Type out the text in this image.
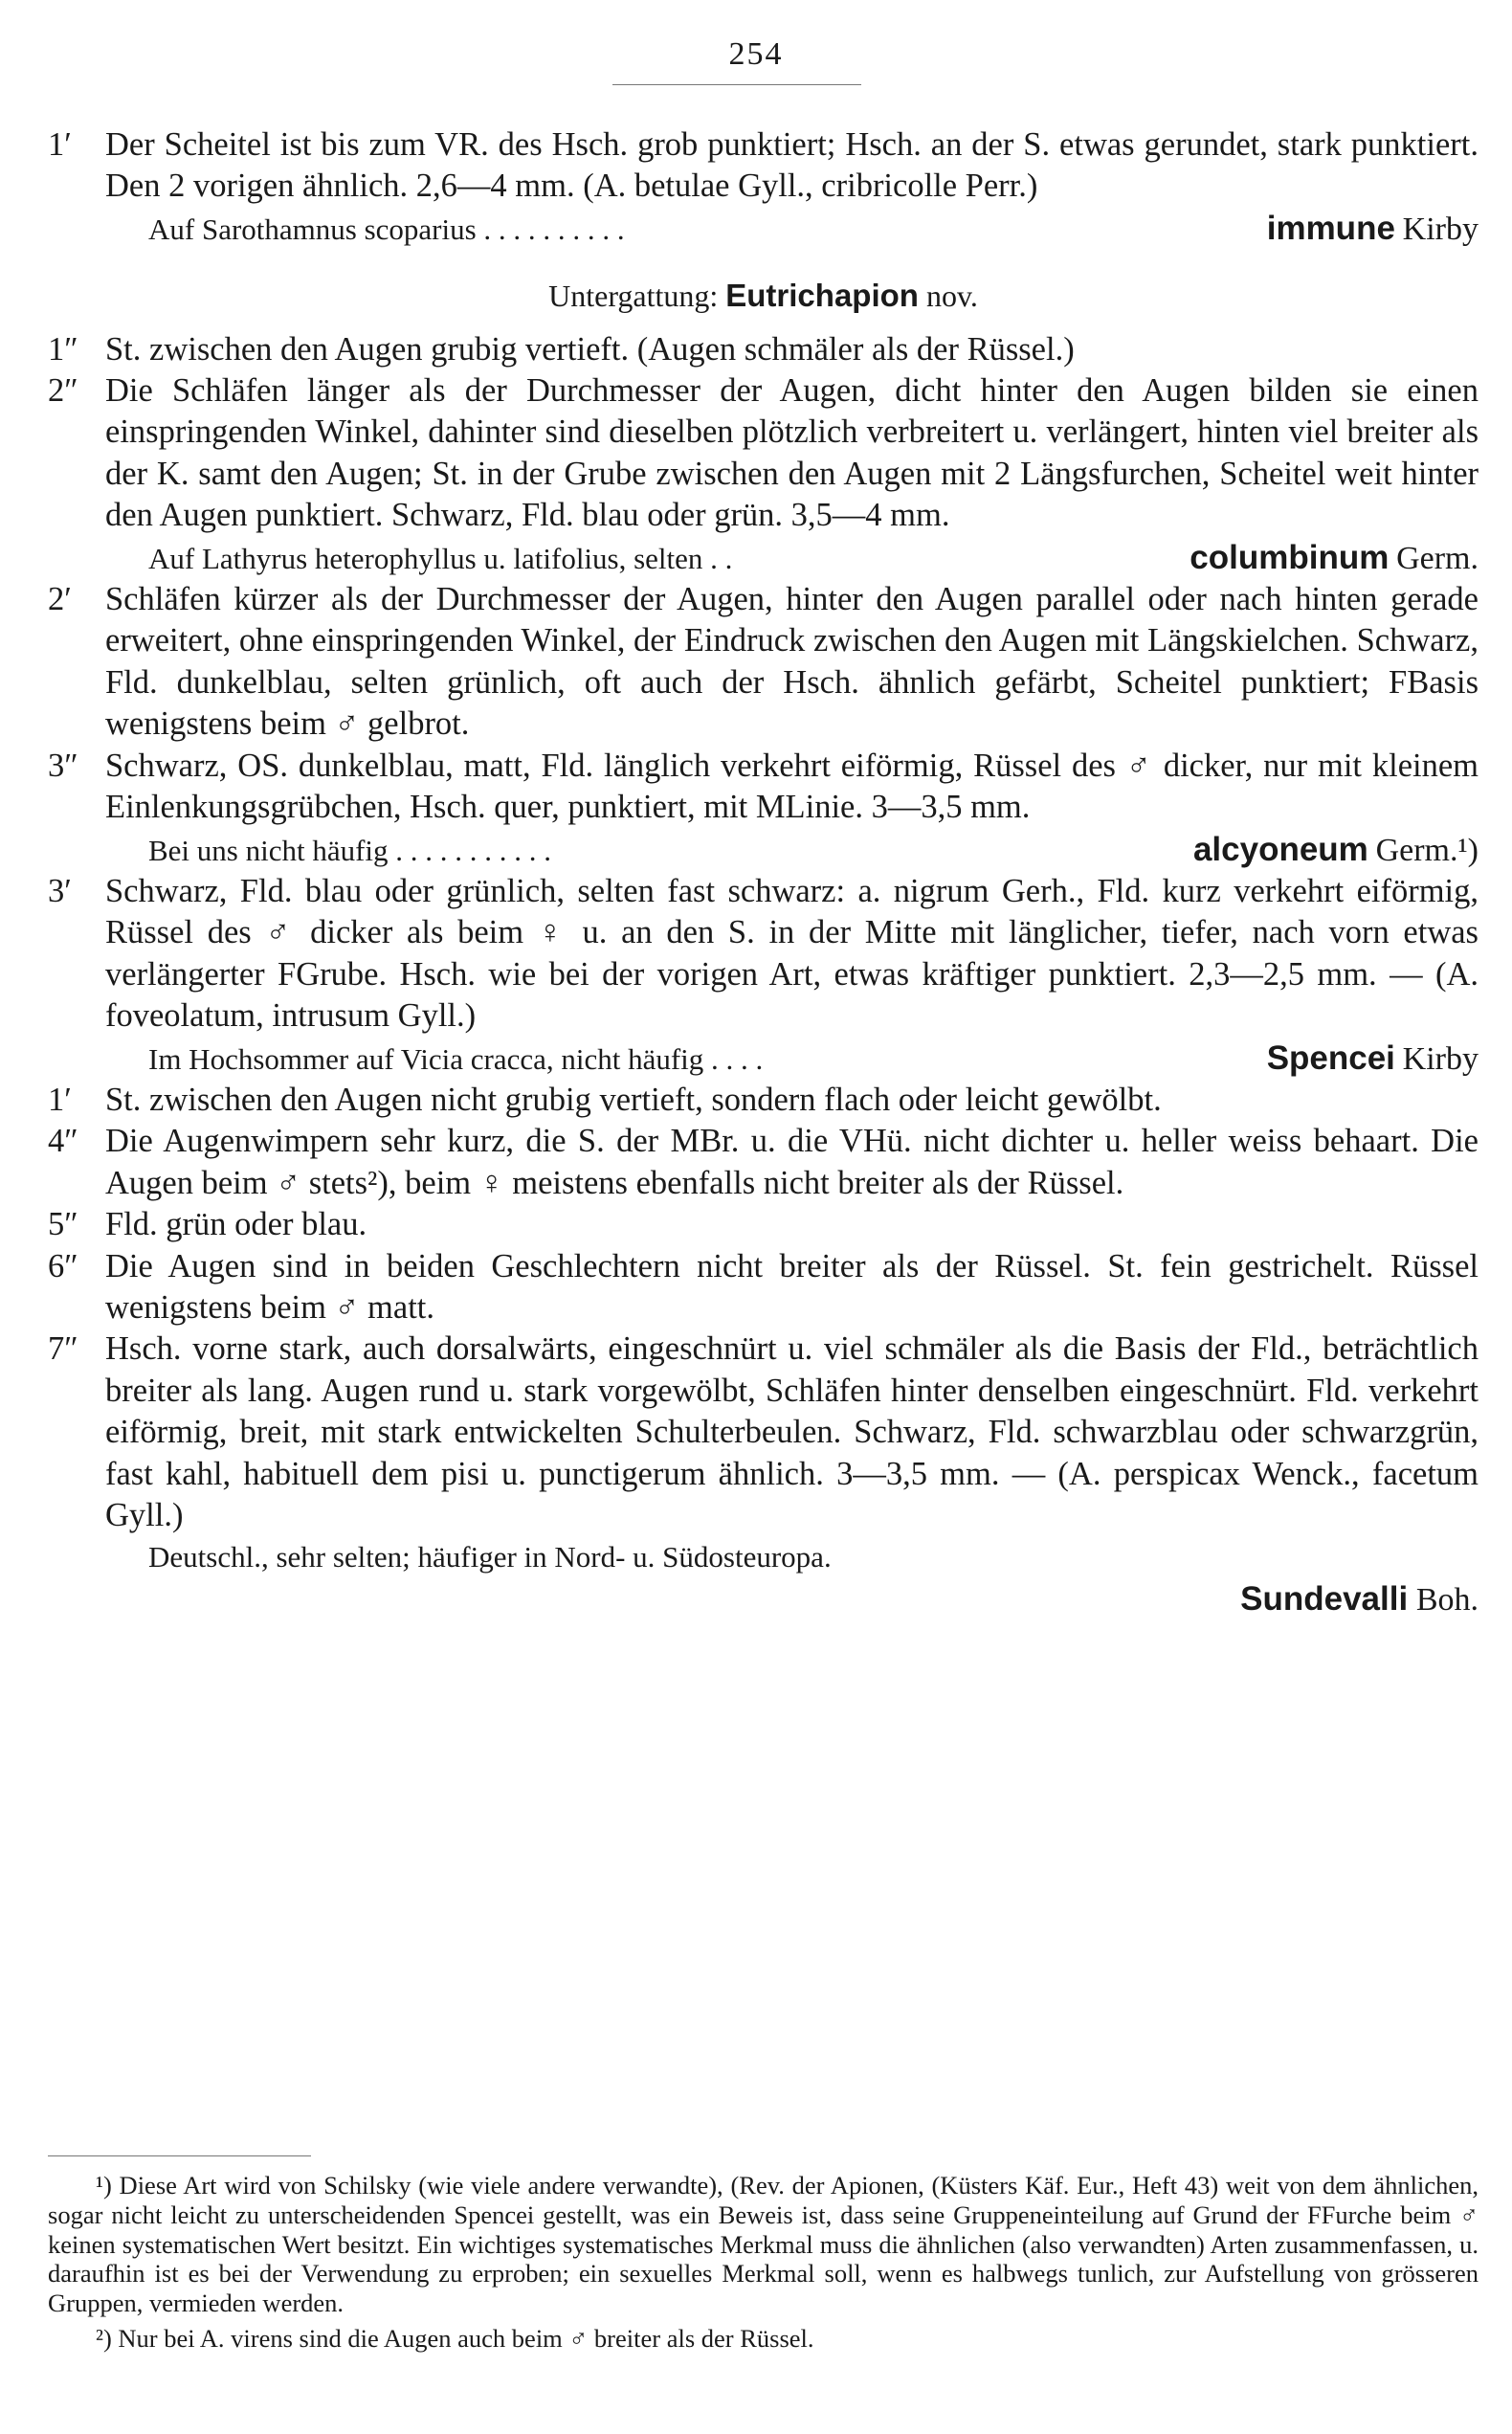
254
1′	Der Scheitel ist bis zum VR. des Hsch. grob punktiert; Hsch. an der S. etwas gerundet, stark punktiert. Den 2 vorigen ähnlich. 2,6—4 mm. (A. betulae Gyll., cribricolle Perr.)
Auf Sarothamnus scoparius . . . . . . . . . .	immune Kirby
Untergattung: Eutrichapion nov.
1″ St. zwischen den Augen grubig vertieft. (Augen schmäler als der Rüssel.)
2″ Die Schläfen länger als der Durchmesser der Augen, dicht hinter den Augen bilden sie einen einspringenden Winkel, dahinter sind dieselben plötzlich verbreitert u. verlängert, hinten viel breiter als der K. samt den Augen; St. in der Grube zwischen den Augen mit 2 Längsfurchen, Scheitel weit hinter den Augen punktiert. Schwarz, Fld. blau oder grün. 3,5—4 mm.
Auf Lathyrus heterophyllus u. latifolius, selten . .	columbinum Germ.
2′	Schläfen kürzer als der Durchmesser der Augen, hinter den Augen parallel oder nach hinten gerade erweitert, ohne einspringenden Winkel, der Eindruck zwischen den Augen mit Längskielchen. Schwarz, Fld. dunkelblau, selten grünlich, oft auch der Hsch. ähnlich gefärbt, Scheitel punktiert; FBasis wenigstens beim ♂ gelbrot.
3″ Schwarz, OS. dunkelblau, matt, Fld. länglich verkehrt eiförmig, Rüssel des ♂ dicker, nur mit kleinem Einlenkungsgrübchen, Hsch. quer, punktiert, mit MLinie. 3—3,5 mm.
Bei uns nicht häufig . . . . . . . . . . .	alcyoneum Germ.¹)
3′	Schwarz, Fld. blau oder grünlich, selten fast schwarz: a. nigrum Gerh., Fld. kurz verkehrt eiförmig, Rüssel des ♂ dicker als beim ♀ u. an den S. in der Mitte mit länglicher, tiefer, nach vorn etwas verlängerter FGrube. Hsch. wie bei der vorigen Art, etwas kräftiger punktiert. 2,3—2,5 mm. — (A. foveolatum, intrusum Gyll.)
Im Hochsommer auf Vicia cracca, nicht häufig . . . .	Spencei Kirby
1′	St. zwischen den Augen nicht grubig vertieft, sondern flach oder leicht gewölbt.
4″ Die Augenwimpern sehr kurz, die S. der MBr. u. die VHü. nicht dichter u. heller weiss behaart. Die Augen beim ♂ stets²), beim ♀ meistens ebenfalls nicht breiter als der Rüssel.
5″ Fld. grün oder blau.
6″ Die Augen sind in beiden Geschlechtern nicht breiter als der Rüssel. St. fein gestrichelt. Rüssel wenigstens beim ♂ matt.
7″ Hsch. vorne stark, auch dorsalwärts, eingeschnürt u. viel schmäler als die Basis der Fld., beträchtlich breiter als lang. Augen rund u. stark vorgewölbt, Schläfen hinter denselben eingeschnürt. Fld. verkehrt eiförmig, breit, mit stark entwickelten Schulterbeulen. Schwarz, Fld. schwarzblau oder schwarzgrün, fast kahl, habituell dem pisi u. punctigerum ähnlich. 3—3,5 mm. — (A. perspicax Wenck., facetum Gyll.)
Deutschl., sehr selten; häufiger in Nord- u. Südosteuropa.
Sundevalli Boh.

¹) Diese Art wird von Schilsky (wie viele andere verwandte), (Rev. der Apionen, (Küsters Käf. Eur., Heft 43) weit von dem ähnlichen, sogar nicht leicht zu unterscheidenden Spencei gestellt, was ein Beweis ist, dass seine Gruppeneinteilung auf Grund der FFurche beim ♂ keinen systematischen Wert besitzt. Ein wichtiges systematisches Merkmal muss die ähnlichen (also verwandten) Arten zusammenfassen, u. daraufhin ist es bei der Verwendung zu erproben; ein sexuelles Merkmal soll, wenn es halbwegs tunlich, zur Aufstellung von grösseren Gruppen, vermieden werden.

²) Nur bei A. virens sind die Augen auch beim ♂ breiter als der Rüssel.
